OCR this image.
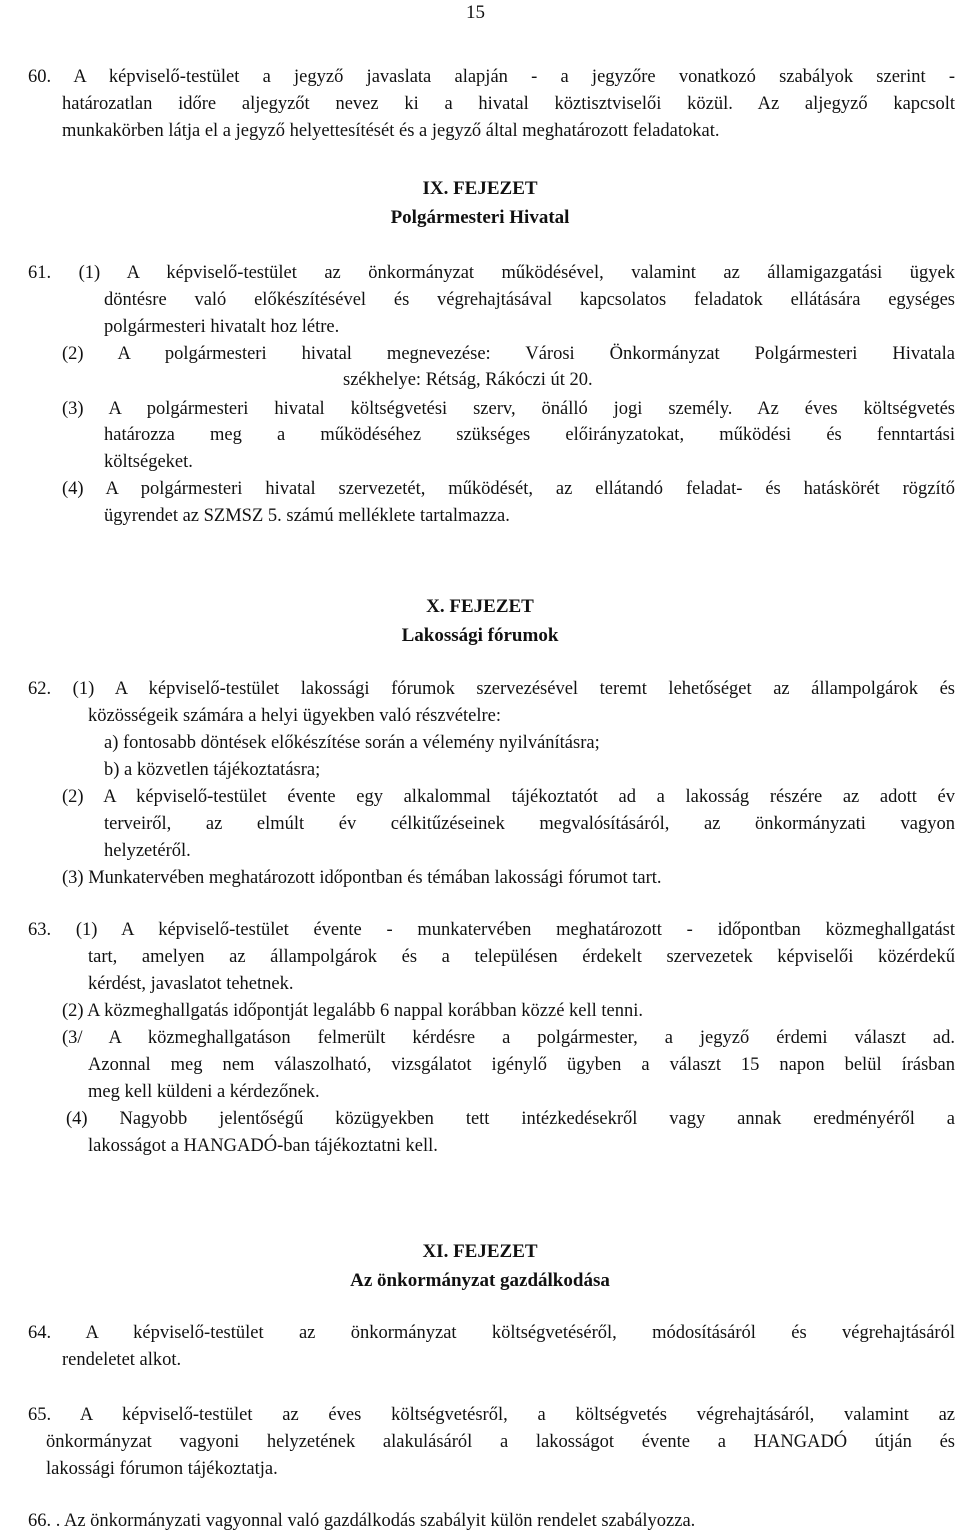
15
60. A képviselő-testület a jegyző javaslata alapján - a jegyzőre vonatkozó szabályok szerint -
határozatlan időre aljegyzőt nevez ki a hivatal köztisztviselői közül. Az aljegyző kapcsolt
munkakörben látja el a jegyző helyettesítését és a jegyző által meghatározott feladatokat.
IX. FEJEZET
Polgármesteri Hivatal
61. (1) A képviselő-testület az önkormányzat működésével, valamint az államigazgatási ügyek
döntésre való előkészítésével és végrehajtásával kapcsolatos feladatok ellátására egységes
polgármesteri hivatalt hoz létre.
(2) A polgármesteri hivatal megnevezése: Városi Önkormányzat Polgármesteri Hivatala
székhelye: Rétság, Rákóczi út 20.
(3) A polgármesteri hivatal költségvetési szerv, önálló jogi személy. Az éves költségvetés
határozza meg a működéséhez szükséges előirányzatokat, működési és fenntartási
költségeket.
(4) A polgármesteri hivatal szervezetét, működését, az ellátandó feladat- és hatáskörét rögzítő
ügyrendet az SZMSZ 5. számú melléklete tartalmazza.
X. FEJEZET
Lakossági fórumok
62. (1) A képviselő-testület lakossági fórumok szervezésével teremt lehetőséget az állampolgárok és
közösségeik számára a helyi ügyekben való részvételre:
a) fontosabb döntések előkészítése során a vélemény nyilvánításra;
b) a közvetlen tájékoztatásra;
(2) A képviselő-testület évente egy alkalommal tájékoztatót ad a lakosság részére az adott év
terveiről, az elmúlt év célkitűzéseinek megvalósításáról, az önkormányzati vagyon
helyzetéről.
(3) Munkatervében meghatározott időpontban és témában lakossági fórumot tart.
63. (1) A képviselő-testület évente - munkatervében meghatározott - időpontban közmeghallgatást
tart, amelyen az állampolgárok és a településen érdekelt szervezetek képviselői közérdekű
kérdést, javaslatot tehetnek.
(2) A közmeghallgatás időpontját legalább 6 nappal korábban közzé kell tenni.
(3/ A közmeghallgatáson felmerült kérdésre a polgármester, a jegyző érdemi választ ad.
Azonnal meg nem válaszolható, vizsgálatot igénylő ügyben a választ 15 napon belül írásban
meg kell küldeni a kérdezőnek.
(4) Nagyobb jelentőségű közügyekben tett intézkedésekről vagy annak eredményéről a
lakosságot a HANGADÓ-ban tájékoztatni kell.
XI. FEJEZET
Az önkormányzat gazdálkodása
64. A képviselő-testület az önkormányzat költségvetéséről, módosításáról és végrehajtásáról
rendeletet alkot.
65. A képviselő-testület az éves költségvetésről, a költségvetés végrehajtásáról, valamint az
önkormányzat vagyoni helyzetének alakulásáról a lakosságot évente a HANGADÓ útján és
lakossági fórumon tájékoztatja.
66. . Az önkormányzati vagyonnal való gazdálkodás szabályit külön rendelet szabályozza.
